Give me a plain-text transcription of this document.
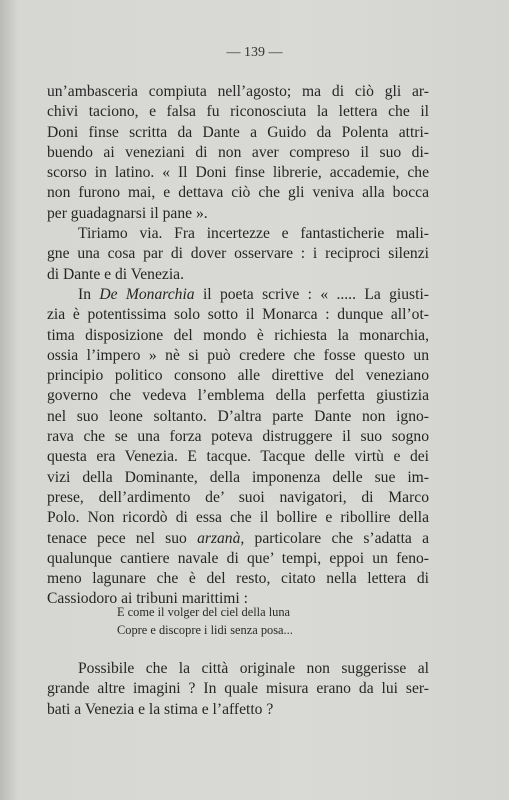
— 139 —
un’ambasceria compiuta nell’agosto; ma di ciò gli ar-
chivi taciono, e falsa fu riconosciuta la lettera che il
Doni finse scritta da Dante a Guido da Polenta attri-
buendo ai veneziani di non aver compreso il suo di-
scorso in latino. « Il Doni finse librerie, accademie, che
non furono mai, e dettava ciò che gli veniva alla bocca
per guadagnarsi il pane ».
Tiriamo via. Fra incertezze e fantasticherie mali-
gne una cosa par di dover osservare : i reciproci silenzi
di Dante e di Venezia.
In De Monarchia il poeta scrive : « ..... La giusti-
zia è potentissima solo sotto il Monarca : dunque all’ot-
tima disposizione del mondo è richiesta la monarchia,
ossia l’impero » nè si può credere che fosse questo un
principio politico consono alle direttive del veneziano
governo che vedeva l’emblema della perfetta giustizia
nel suo leone soltanto. D’altra parte Dante non igno-
rava che se una forza poteva distruggere il suo sogno
questa era Venezia. E tacque. Tacque delle virtù e dei
vizi della Dominante, della imponenza delle sue im-
prese, dell’ardimento de’ suoi navigatori, di Marco
Polo. Non ricordò di essa che il bollire e ribollire della
tenace pece nel suo arzanà, particolare che s’adatta a
qualunque cantiere navale di que’ tempi, eppoi un feno-
meno lagunare che è del resto, citato nella lettera di
Cassiodoro ai tribuni marittimi :
E come il volger del ciel della luna
Copre e discopre i lidi senza posa...
Possibile che la città originale non suggerisse al
grande altre imagini ? In quale misura erano da lui ser-
bati a Venezia e la stima e l’affetto ?
